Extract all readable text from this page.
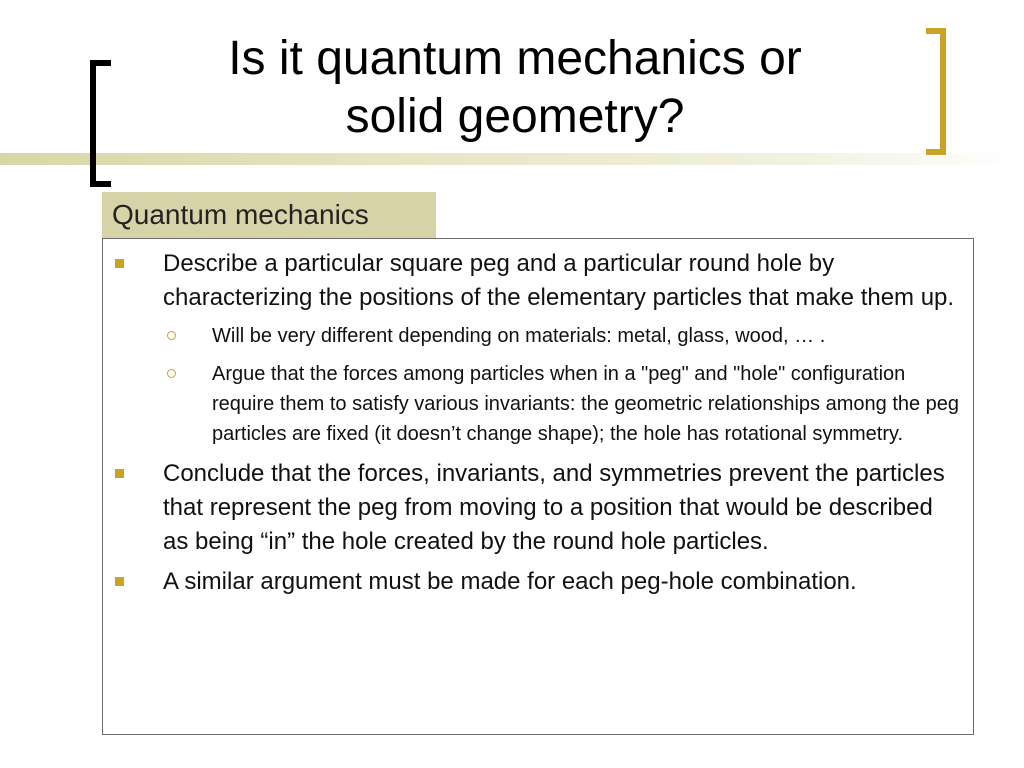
Is it quantum mechanics or
solid geometry?
Quantum mechanics
Describe a particular square peg and a particular round hole by characterizing the positions of the elementary particles that make them up.
Will be very different depending on materials: metal, glass, wood, … .
Argue that the forces among particles when in a "peg" and "hole" configuration require them to satisfy various invariants: the geometric relationships among the peg particles are fixed (it doesn’t change shape); the hole has rotational symmetry.
Conclude that the forces, invariants, and symmetries prevent the particles that represent the peg from moving to a position that would be described as being “in” the hole created by the round hole particles.
A similar argument must be made for each peg-hole combination.
